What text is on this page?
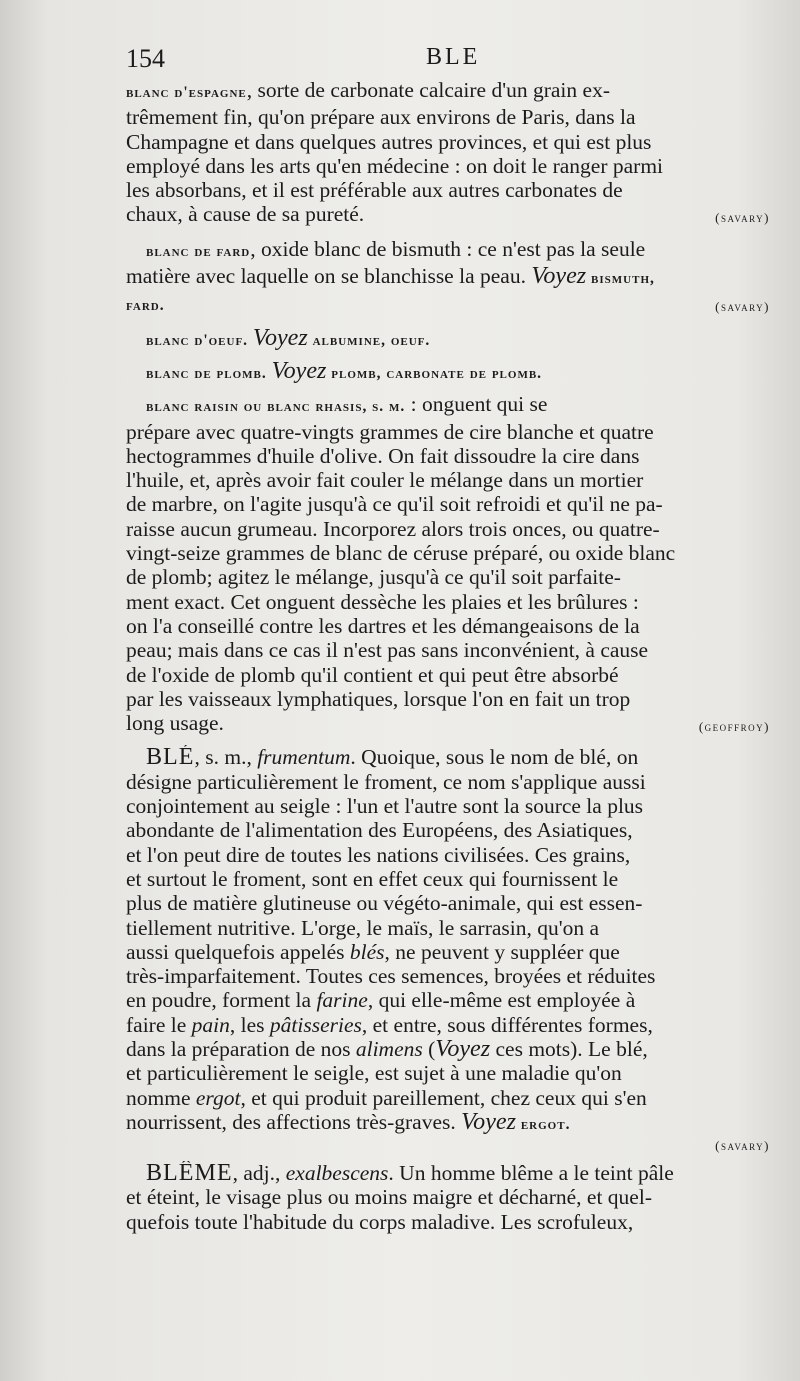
154	BLE
blanc d'espagne, sorte de carbonate calcaire d'un grain ex-
trêmement fin, qu'on prépare aux environs de Paris, dans la
Champagne et dans quelques autres provinces, et qui est plus
employé dans les arts qu'en médecine : on doit le ranger parmi
les absorbans, et il est préférable aux autres carbonates de
chaux, à cause de sa pureté.	(savary)
blanc de fard, oxide blanc de bismuth : ce n'est pas la seule
matière avec laquelle on se blanchisse la peau. Voyez bismuth,
fard.	(savary)
blanc d'oeuf. Voyez albumine, oeuf.
blanc de plomb. Voyez plomb, carbonate de plomb.
blanc raisin ou blanc rhasis, s. m. : onguent qui se
prépare avec quatre-vingts grammes de cire blanche et quatre
hectogrammes d'huile d'olive. On fait dissoudre la cire dans
l'huile, et, après avoir fait couler le mélange dans un mortier
de marbre, on l'agite jusqu'à ce qu'il soit refroidi et qu'il ne pa-
raisse aucun grumeau. Incorporez alors trois onces, ou quatre-
vingt-seize grammes de blanc de céruse préparé, ou oxide blanc
de plomb; agitez le mélange, jusqu'à ce qu'il soit parfaite-
ment exact. Cet onguent dessèche les plaies et les brûlures :
on l'a conseillé contre les dartres et les démangeaisons de la
peau; mais dans ce cas il n'est pas sans inconvénient, à cause
de l'oxide de plomb qu'il contient et qui peut être absorbé
par les vaisseaux lymphatiques, lorsque l'on en fait un trop
long usage.	(geoffroy)
BLÉ, s. m., frumentum. Quoique, sous le nom de blé, on
désigne particulièrement le froment, ce nom s'applique aussi
conjointement au seigle : l'un et l'autre sont la source la plus
abondante de l'alimentation des Européens, des Asiatiques,
et l'on peut dire de toutes les nations civilisées. Ces grains,
et surtout le froment, sont en effet ceux qui fournissent le
plus de matière glutineuse ou végéto-animale, qui est essen-
tiellement nutritive. L'orge, le maïs, le sarrasin, qu'on a
aussi quelquefois appelés blés, ne peuvent y suppléer que
très-imparfaitement. Toutes ces semences, broyées et réduites
en poudre, forment la farine, qui elle-même est employée à
faire le pain, les pâtisseries, et entre, sous différentes formes,
dans la préparation de nos alimens (Voyez ces mots). Le blé,
et particulièrement le seigle, est sujet à une maladie qu'on
nomme ergot, et qui produit pareillement, chez ceux qui s'en
nourrissent, des affections très-graves. Voyez ergot.
(savary)
BLÊME, adj., exalbescens. Un homme blême a le teint pâle
et éteint, le visage plus ou moins maigre et décharné, et quel-
quefois toute l'habitude du corps maladive. Les scrofuleux,
